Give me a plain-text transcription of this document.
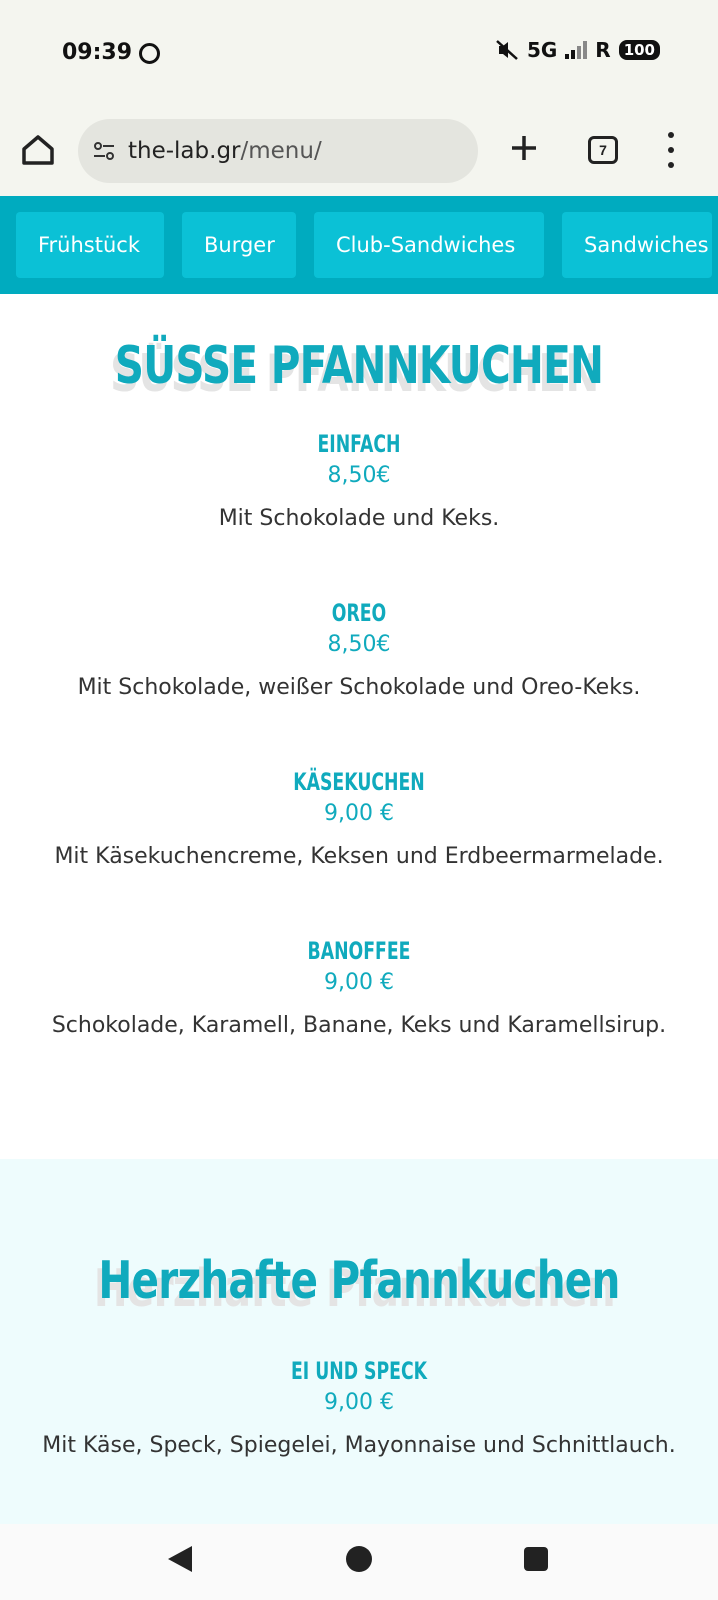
09:39	5G R 100
the-lab.gr/menu/	7
Frühstück	Burger	Club-Sandwiches	Sandwiches
SÜSSE PFANNKUCHEN
EINFACH
8,50€
Mit Schokolade und Keks.
OREO
8,50€
Mit Schokolade, weißer Schokolade und Oreo-Keks.
KÄSEKUCHEN
9,00 €
Mit Käsekuchencreme, Keksen und Erdbeermarmelade.
BANOFFEE
9,00 €
Schokolade, Karamell, Banane, Keks und Karamellsirup.
Herzhafte Pfannkuchen
EI UND SPECK
9,00 €
Mit Käse, Speck, Spiegelei, Mayonnaise und Schnittlauch.
